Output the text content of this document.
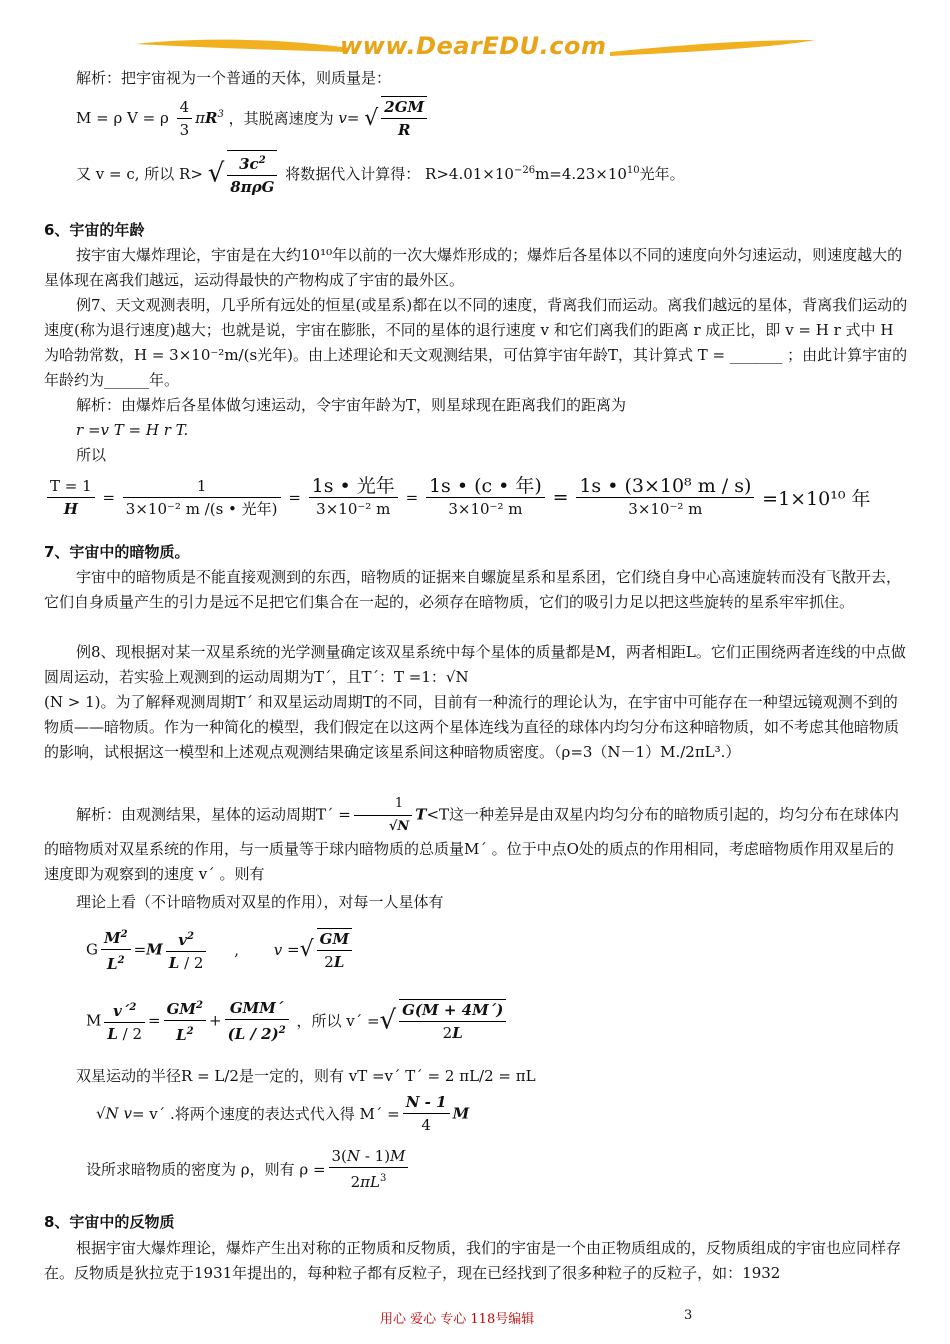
www.DearEDU.com
解析：把宇宙视为一个普通的天体，则质量是：
M = ρ V = ρ $\frac{4}{3} \pi R^3$ ，其脱离速度为 v= √ $\frac{2GM}{R}$
又 v = c, 所以 R> √ $\frac{3c^2}{\text{8πρG}}$ 将数据代入计算得： $R>4.01\times 10^{-26}m=4.23\times 10^{10}$光年。
6、宇宙的年龄
按宇宙大爆炸理论，宇宙是在大约10¹⁰年以前的一次大爆炸形成的；爆炸后各星体以不同的速度向外匀速运动，则速度越大的星体现在离我们越远，运动得最快的产物构成了宇宙的最外区。
例7、天文观测表明，几乎所有远处的恒星(或星系)都在以不同的速度，背离我们而运动。离我们越远的星体，背离我们运动的速度(称为退行速度)越大；也就是说，宇宙在膨胀，不同的星体的退行速度 v 和它们离我们的距离 r 成正比，即 v = H r 式中 H 为哈勃常数，H = 3×10⁻²m/(s光年)。由上述理论和天文观测结果，可估算宇宙年龄T，其计算式 T = _______ ；由此计算宇宙的年龄约为______年。
解析：由爆炸后各星体做匀速运动，令宇宙年龄为T，则星球现在距离我们的距离为
r =v T = H r T.
所以
$\frac{T = 1}{H} = \frac{1}{\text{3×10⁻² m /(s • 光年)}} = \frac{\text{1s • 光年}}{\text{3×10⁻² m}} = \frac{\text{1s • (c • 年)}}{\text{3×10⁻² m}} = \frac{\text{1s • (3×10⁸ m / s)}}{\text{3×10⁻² m}} =1\times 10^{10}$ 年
7、宇宙中的暗物质。
宇宙中的暗物质是不能直接观测到的东西，暗物质的证据来自螺旋星系和星系团，它们绕自身中心高速旋转而没有飞散开去，它们自身质量产生的引力是远不足把它们集合在一起的，必须存在暗物质，它们的吸引力足以把这些旋转的星系牢牢抓住。
例8、现根据对某一双星系统的光学测量确定该双星系统中每个星体的质量都是M，两者相距L。它们正围绕两者连线的中点做圆周运动，若实验上观测到的运动周期为T´，且T´：T =1：√N
(N > 1)。为了解释观测周期T´ 和双星运动周期T的不同，目前有一种流行的理论认为，在宇宙中可能存在一种望远镜观测不到的物质——暗物质。作为一种简化的模型，我们假定在以这两个星体连线为直径的球体内均匀分布这种暗物质，如不考虑其他暗物质的影响，试根据这一模型和上述观点观测结果确定该星系间这种暗物质密度。（ρ=3（N－1）M./2πL³.）
解析：由观测结果，星体的运动周期T´ = $\frac{1}{√N} T<T$这一种差异是由双星内均匀分布的暗物质引起的，均匀分布在球体内的暗物质对双星系统的作用，与一质量等于球内暗物质的总质量M´ 。位于中点O处的质点的作用相同，考虑暗物质作用双星后的速度即为观察到的速度 v´ 。则有
理论上看（不计暗物质对双星的作用），对每一人星体有
G $\frac{M^2}{L^2} =M \frac{v^2}{L / 2}$ , v =√ $\frac{GM}{2L}$
M $\frac{v´^2}{L / 2} = \frac{GM^2}{L^2} + \frac{\text{GMM´}}{(L / 2)^2}$ ，所以 v´ =√ $\frac{G(M + 4M´)}{2L}$
双星运动的半径R = L/2是一定的，则有 vT =v´ T´ = 2 πL/2 = πL
√N v= v´ .将两个速度的表达式代入得 M´ = $\frac{N - 1}{4}$ M
设所求暗物质的密度为 ρ，则有 $\rho = \frac{3(N - 1)M}{2\pi L^3}$
8、宇宙中的反物质
根据宇宙大爆炸理论，爆炸产生出对称的正物质和反物质，我们的宇宙是一个由正物质组成的，反物质组成的宇宙也应同样存在。反物质是狄拉克于1931年提出的，每种粒子都有反粒子，现在已经找到了很多种粒子的反粒子，如：1932
用心 爱心 专心 118号编辑	3
